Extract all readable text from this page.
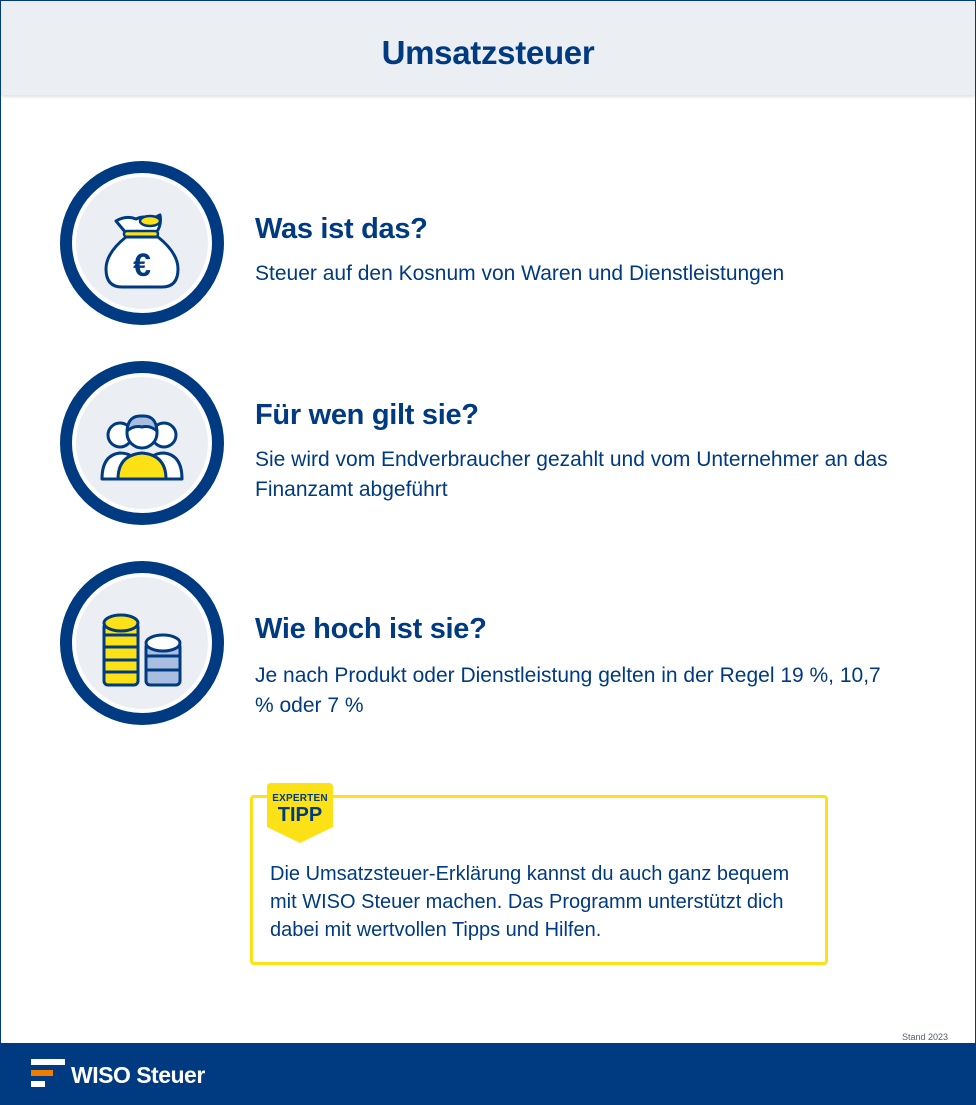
Umsatzsteuer
€
Was ist das?

Steuer auf den Kosnum von Waren und Dienstleistungen

Für wen gilt sie?

Sie wird vom Endverbraucher gezahlt und vom Unternehmer an das Finanzamt abgeführt

Wie hoch ist sie?

Je nach Produkt oder Dienstleistung gelten in der Regel 19 %, 10,7 % oder 7 %

Die Umsatzsteuer-Erklärung kannst du auch ganz bequem mit WISO Steuer machen. Das Programm unterstützt dich dabei mit wertvollen Tipps und Hilfen.

EXPERTEN
TIPP
Stand 2023
WISO Steuer
